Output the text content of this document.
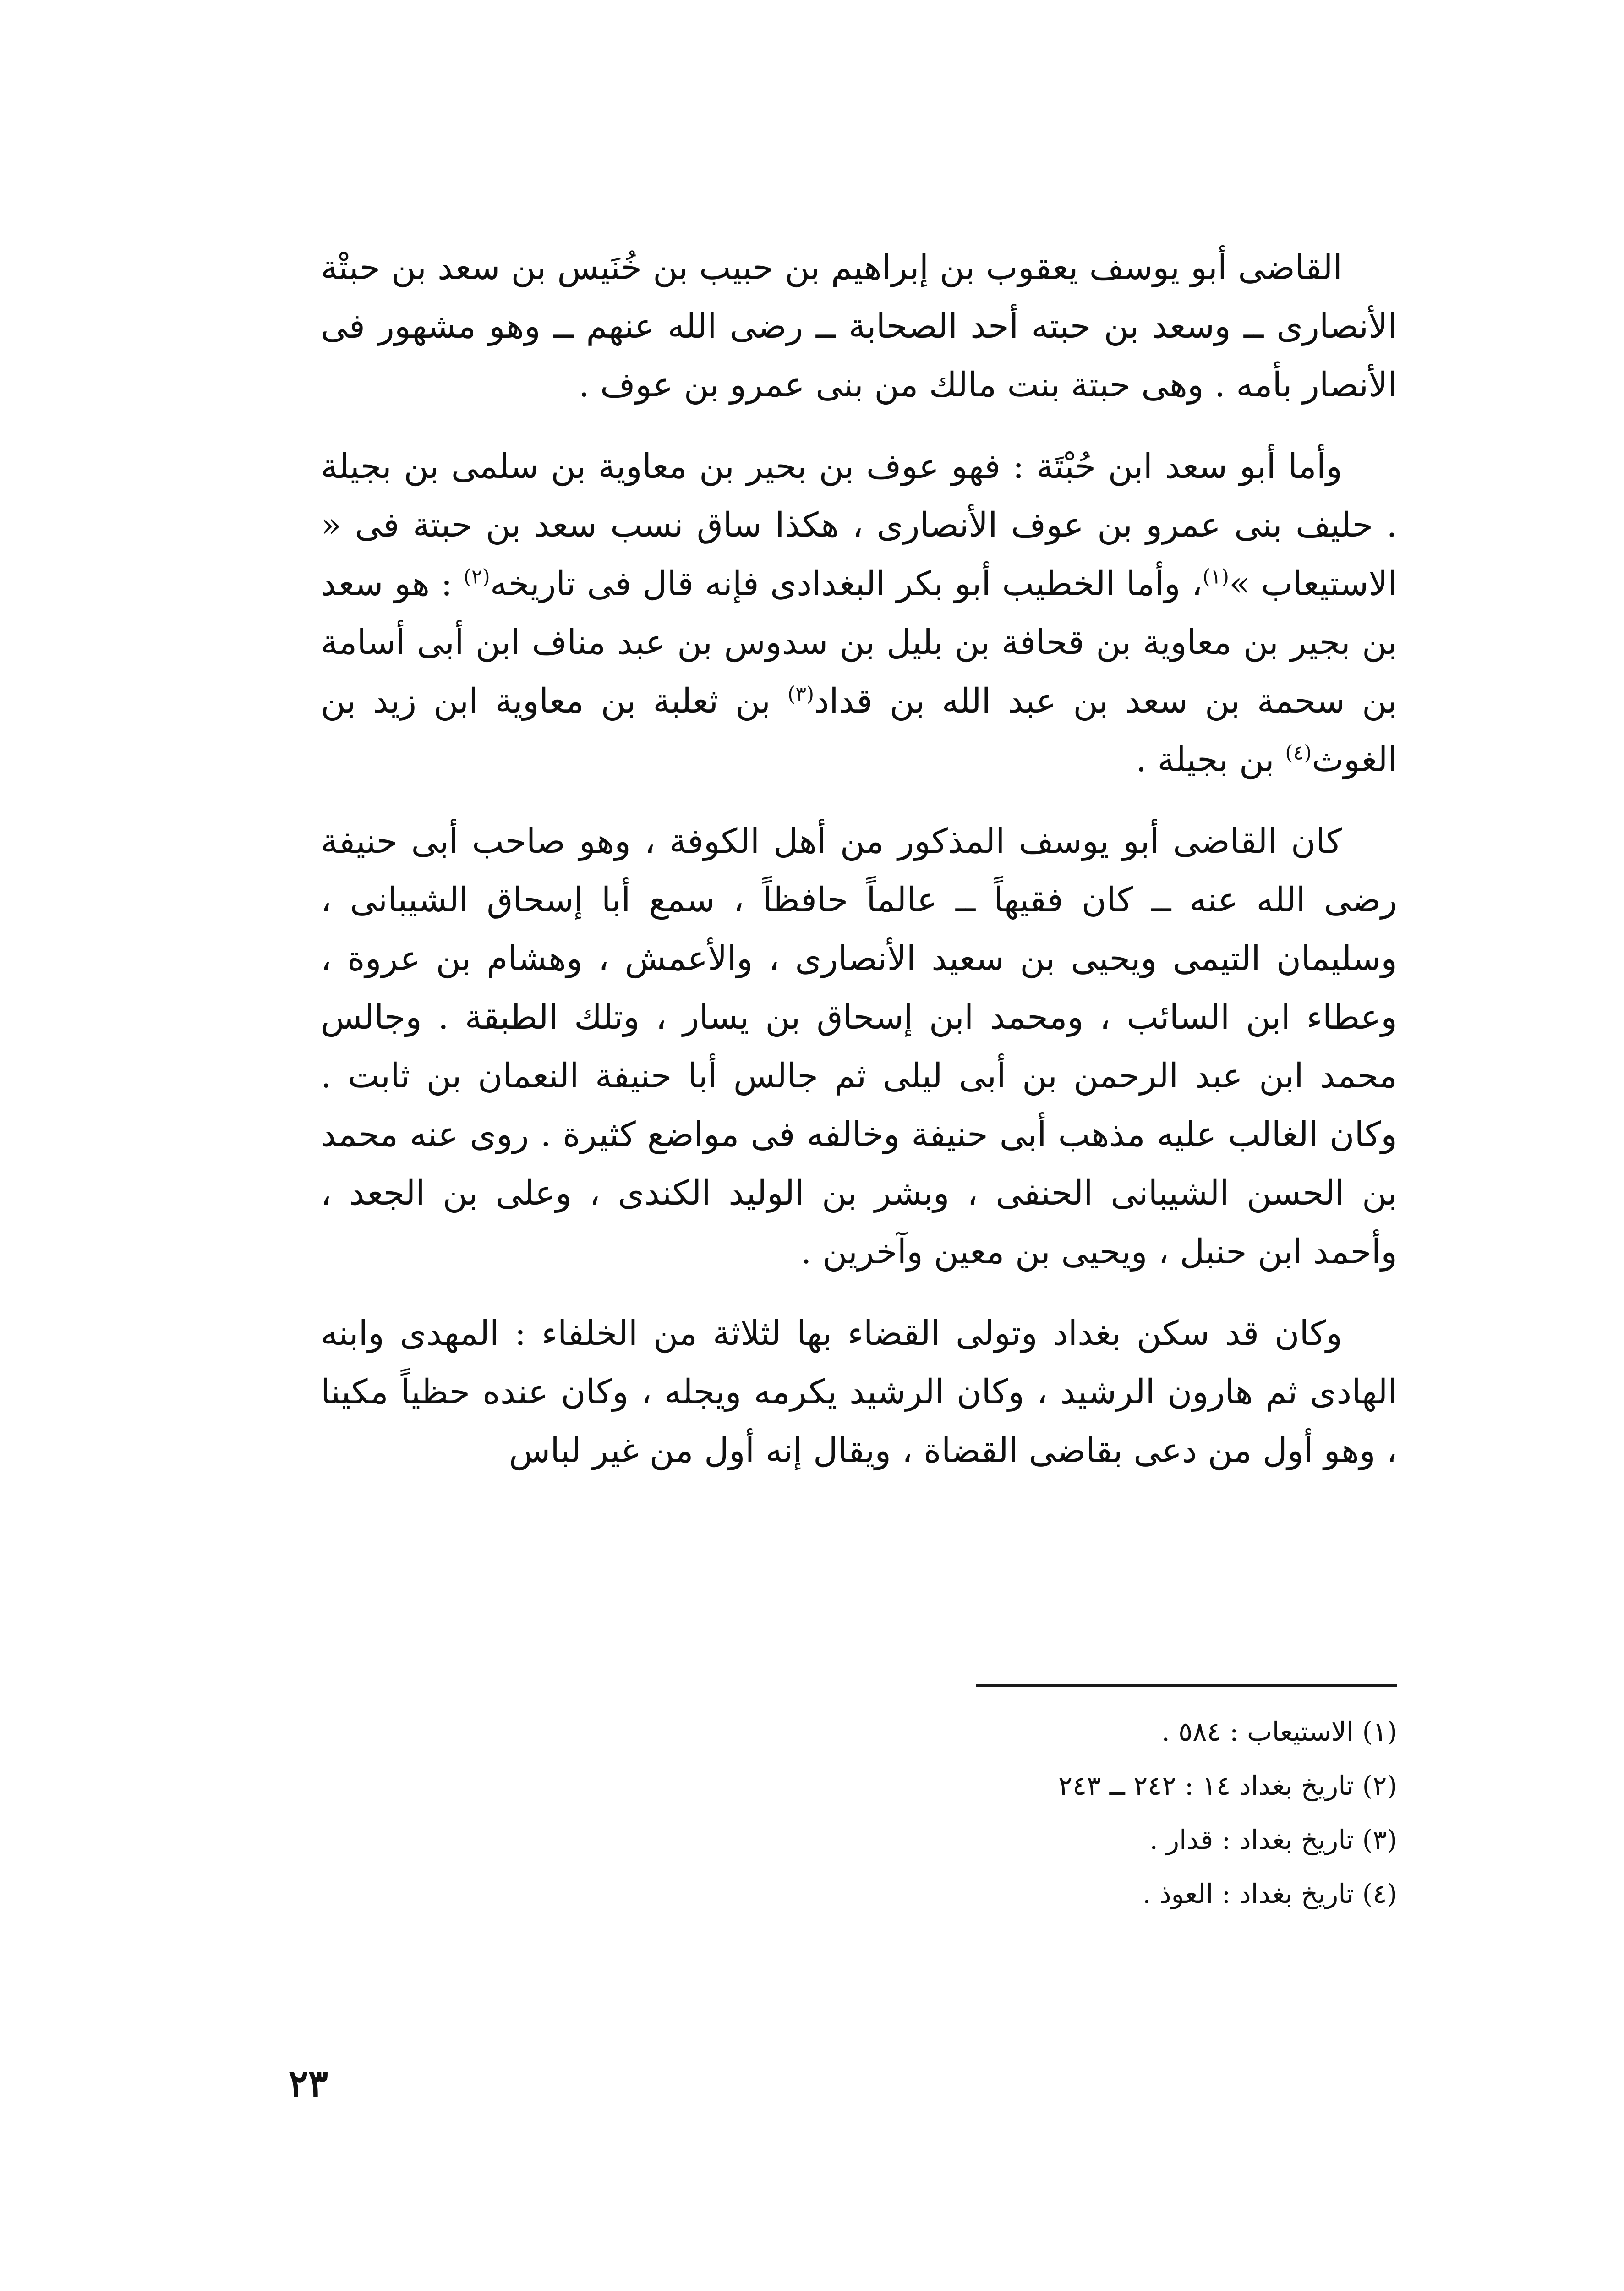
القاضى أبو يوسف يعقوب بن إبراهيم بن حبيب بن خُنَيس بن سعد بن حبتْة الأنصارى ــ وسعد بن حبته أحد الصحابة ــ رضى الله عنهم ــ وهو مشهور فى الأنصار بأمه . وهى حبتة بنت مالك من بنى عمرو بن عوف .

وأما أبو سعد ابن حُبْتَة : فهو عوف بن بحير بن معاوية بن سلمى بن بجيلة . حليف بنى عمرو بن عوف الأنصارى ، هكذا ساق نسب سعد بن حبتة فى « الاستيعاب »$^{(١)}$، وأما الخطيب أبو بكر البغدادى فإنه قال فى تاريخه$^{(٢)}$ : هو سعد بن بجير بن معاوية بن قحافة بن بليل بن سدوس بن عبد مناف ابن أبى أسامة بن سحمة بن سعد بن عبد الله بن قداد$^{(٣)}$ بن ثعلبة بن معاوية ابن زيد بن الغوث$^{(٤)}$ بن بجيلة .

كان القاضى أبو يوسف المذكور من أهل الكوفة ، وهو صاحب أبى حنيفة رضى الله عنه ــ كان فقيهاً ــ عالماً حافظاً ، سمع أبا إسحاق الشيبانى ، وسليمان التيمى ويحيى بن سعيد الأنصارى ، والأعمش ، وهشام بن عروة ، وعطاء ابن السائب ، ومحمد ابن إسحاق بن يسار ، وتلك الطبقة . وجالس محمد ابن عبد الرحمن بن أبى ليلى ثم جالس أبا حنيفة النعمان بن ثابت . وكان الغالب عليه مذهب أبى حنيفة وخالفه فى مواضع كثيرة . روى عنه محمد بن الحسن الشيبانى الحنفى ، وبشر بن الوليد الكندى ، وعلى بن الجعد ، وأحمد ابن حنبل ، ويحيى بن معين وآخرين .

وكان قد سكن بغداد وتولى القضاء بها لثلاثة من الخلفاء : المهدى وابنه الهادى ثم هارون الرشيد ، وكان الرشيد يكرمه ويجله ، وكان عنده حظياً مكينا ، وهو أول من دعى بقاضى القضاة ، ويقال إنه أول من غير لباس

(١) الاستيعاب : ٥٨٤ .

(٢) تاريخ بغداد ١٤ : ٢٤٢ ــ ٢٤٣

(٣) تاريخ بغداد : قدار .

(٤) تاريخ بغداد : العوذ .

٢٣
